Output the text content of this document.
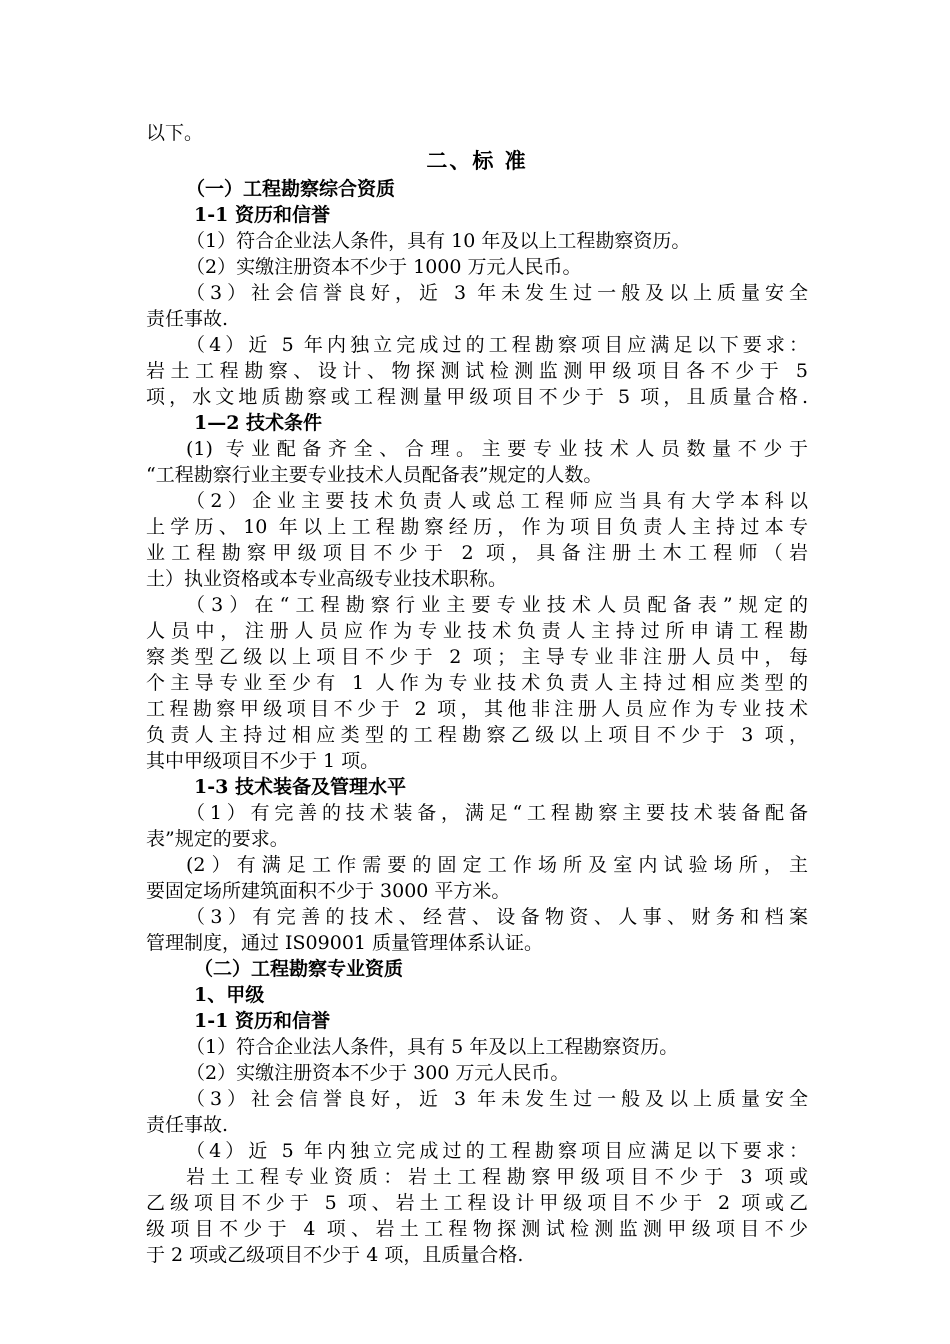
以下。
二、标 准
（一）工程勘察综合资质
1-1 资历和信誉
（1）符合企业法人条件，具有 10 年及以上工程勘察资历。
（2）实缴注册资本不少于 1000 万元人民币。
（3）社会信誉良好，近 3 年未发生过一般及以上质量安全
责任事故.
（4）近 5 年内独立完成过的工程勘察项目应满足以下要求：
岩土工程勘察、设计、物探测试检测监测甲级项目各不少于 5
项，水文地质勘察或工程测量甲级项目不少于 5 项，且质量合格.
1—2 技术条件
(1) 专业配备齐全、合理。主要专业技术人员数量不少于
“工程勘察行业主要专业技术人员配备表”规定的人数。
（2）企业主要技术负责人或总工程师应当具有大学本科以
上学历、10 年以上工程勘察经历，作为项目负责人主持过本专
业工程勘察甲级项目不少于 2 项，具备注册土木工程师（岩
土）执业资格或本专业高级专业技术职称。
（3）在“工程勘察行业主要专业技术人员配备表”规定的
人员中，注册人员应作为专业技术负责人主持过所申请工程勘
察类型乙级以上项目不少于 2 项；主导专业非注册人员中，每
个主导专业至少有 1 人作为专业技术负责人主持过相应类型的
工程勘察甲级项目不少于 2 项，其他非注册人员应作为专业技术
负责人主持过相应类型的工程勘察乙级以上项目不少于 3 项，
其中甲级项目不少于 1 项。
1-3 技术装备及管理水平
（1）有完善的技术装备，满足“工程勘察主要技术装备配备
表”规定的要求。
(2）有满足工作需要的固定工作场所及室内试验场所，主
要固定场所建筑面积不少于 3000 平方米。
（3）有完善的技术、经营、设备物资、人事、财务和档案
管理制度，通过 IS09001 质量管理体系认证。
（二）工程勘察专业资质
1、甲级
1-1 资历和信誉
（1）符合企业法人条件，具有 5 年及以上工程勘察资历。
（2）实缴注册资本不少于 300 万元人民币。
（3）社会信誉良好，近 3 年未发生过一般及以上质量安全
责任事故.
（4）近 5 年内独立完成过的工程勘察项目应满足以下要求：
岩土工程专业资质：岩土工程勘察甲级项目不少于 3 项或
乙级项目不少于 5 项、岩土工程设计甲级项目不少于 2 项或乙
级项目不少于 4 项、岩土工程物探测试检测监测甲级项目不少
于 2 项或乙级项目不少于 4 项，且质量合格.
